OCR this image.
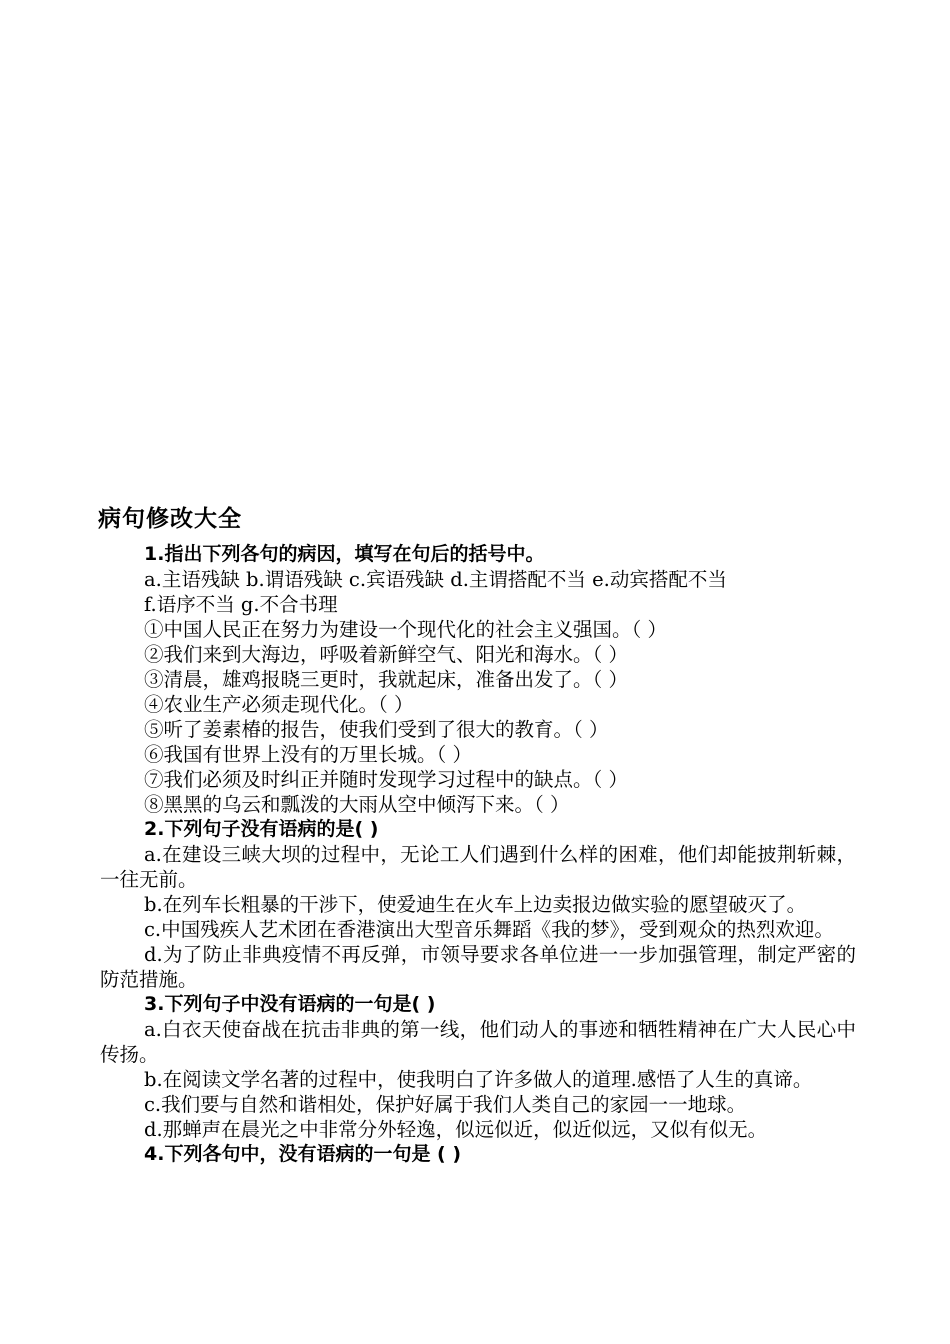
病句修改大全

1.指出下列各句的病因，填写在句后的括号中。

a.主语残缺 b.谓语残缺 c.宾语残缺 d.主谓搭配不当 e.动宾搭配不当

f.语序不当 g.不合书理

①中国人民正在努力为建设一个现代化的社会主义强国。（ ）

②我们来到大海边，呼吸着新鲜空气、阳光和海水。（ ）

③清晨，雄鸡报晓三更时，我就起床，准备出发了。（ ）

④农业生产必须走现代化。（ ）

⑤听了姜素椿的报告，使我们受到了很大的教育。（ ）

⑥我国有世界上没有的万里长城。（ ）

⑦我们必须及时纠正并随时发现学习过程中的缺点。（ ）

⑧黑黑的乌云和瓢泼的大雨从空中倾泻下来。（ ）

2.下列句子没有语病的是( )

a.在建设三峡大坝的过程中，无论工人们遇到什么样的困难，他们却能披荆斩棘，一往无前。

b.在列车长粗暴的干涉下，使爱迪生在火车上边卖报边做实验的愿望破灭了。

c.中国残疾人艺术团在香港演出大型音乐舞蹈《我的梦》，受到观众的热烈欢迎。

d.为了防止非典疫情不再反弹，市领导要求各单位进一一步加强管理，制定严密的防范措施。

3.下列句子中没有语病的一句是( )

a.白衣天使奋战在抗击非典的第一线，他们动人的事迹和牺牲精神在广大人民心中传扬。

b.在阅读文学名著的过程中，使我明白了许多做人的道理.感悟了人生的真谛。

c.我们要与自然和谐相处，保护好属于我们人类自己的家园一一地球。

d.那蝉声在晨光之中非常分外轻逸，似远似近，似近似远，又似有似无。

4.下列各句中，没有语病的一句是 ( )
